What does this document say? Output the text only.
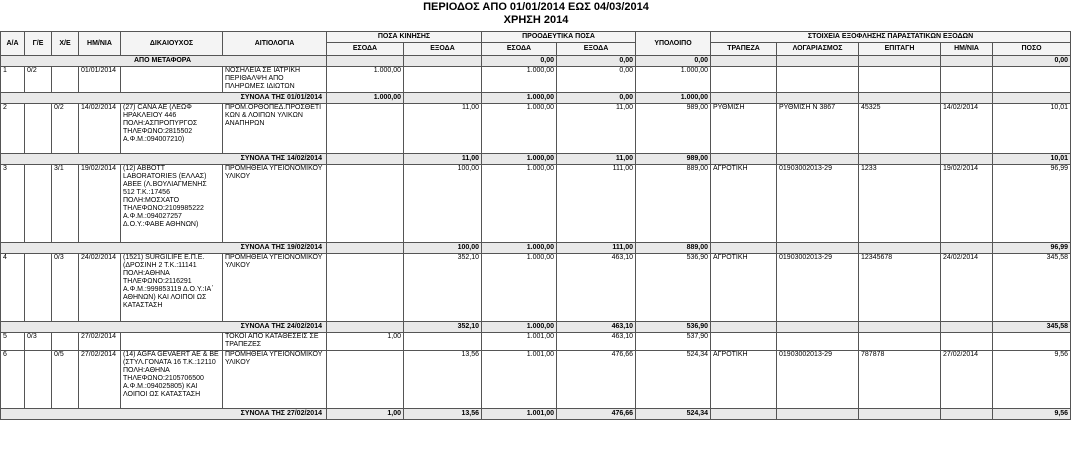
ΠΕΡΙΟΔΟΣ ΑΠΟ 01/01/2014 ΕΩΣ 04/03/2014
ΧΡΗΣΗ 2014
Α/Α	Γ/Ε	Χ/Ε	ΗΜ/ΝΙΑ	ΔΙΚΑΙΟΥΧΟΣ	ΑΙΤΙΟΛΟΓΙΑ	ΠΟΣΑ ΚΙΝΗΣΗΣ		ΠΡΟΟΔΕΥΤΙΚΑ ΠΟΣΑ		ΥΠΟΛΟΙΠΟ	ΣΤΟΙΧΕΙΑ ΕΞΟΦΛΗΣΗΣ ΠΑΡΑΣΤΑΤΙΚΩΝ ΕΞΟΔΩΝ				
						ΕΣΟΔΑ	ΕΞΟΔΑ	ΕΣΟΔΑ	ΕΞΟΔΑ		ΤΡΑΠΕΖΑ	ΛΟΓΑΡΙΑΣΜΟΣ	ΕΠΙΤΑΓΗ	ΗΜ/ΝΙΑ	ΠΟΣΟ
ΑΠΟ ΜΕΤΑΦΟΡΑ								0,00	0,00	0,00					0,00
1	0/2		01/01/2014		ΝΟΣΗΛΕΙΑ ΣΕ ΙΑΤΡΙΚΗ ΠΕΡΙΘΑΛΨΗ ΑΠΟ ΠΛΗΡΩΜΕΣ ΙΔΙΩΤΩΝ	1.000,00		1.000,00	0,00	1.000,00					
ΣΥΝΟΛΑ ΤΗΣ 01/01/2014						1.000,00		1.000,00	0,00	1.000,00					
2		0/2	14/02/2014	(27) CANA AE (ΛΕΩΦ ΗΡΑΚΛΕΙΟΥ 446 ΠΟΛΗ:ΑΣΠΡΟΠΥΡΓΟΣ ΤΗΛΕΦΩΝΟ:2815502 Α.Φ.Μ.:094007210)	ΠΡΟΜ.ΟΡΘΟΠΕΔ.ΠΡΟΣΘΕΤΙ ΚΩΝ & ΛΟΙΠΩΝ ΥΛΙΚΩΝ ΑΝΑΠΗΡΩΝ		11,00	1.000,00	11,00	989,00	ΡΥΘΜΙΣΗ	ΡΥΘΜΙΣΗ Ν 3867	45325	14/02/2014	10,01
ΣΥΝΟΛΑ ΤΗΣ 14/02/2014							11,00	1.000,00	11,00	989,00					10,01
3		3/1	19/02/2014	(12) ABBOTT LABORATORIES (ΕΛΛΑΣ) ΑΒΕΕ (Λ.ΒΟΥΛΙΑΓΜΕΝΗΣ 512 Τ.Κ.:17456 ΠΟΛΗ:ΜΟΣΧΑΤΟ ΤΗΛΕΦΩΝΟ:2109985222 Α.Φ.Μ.:094027257 Δ.Ο.Υ.:ΦΑΒΕ ΑΘΗΝΩΝ)	ΠΡΟΜΗΘΕΙΑ ΥΓΕΙΟΝΟΜΙΚΟΥ ΥΛΙΚΟΥ		100,00	1.000,00	111,00	889,00	ΑΓΡΟΤΙΚΗ	01903002013-29	1233	19/02/2014	96,99
ΣΥΝΟΛΑ ΤΗΣ 19/02/2014							100,00	1.000,00	111,00	889,00					96,99
4		0/3	24/02/2014	(1521) SURGILIFE Ε.Π.Ε. (ΔΡΟΣΙΝΗ 2 Τ.Κ.:11141 ΠΟΛΗ:ΑΘΗΝΑ ΤΗΛΕΦΩΝΟ:2116291 Α.Φ.Μ.:999853119 Δ.Ο.Υ.:ΙΑ΄ ΑΘΗΝΩΝ) ΚΑΙ ΛΟΙΠΟΙ ΩΣ ΚΑΤΑΣΤΑΣΗ	ΠΡΟΜΗΘΕΙΑ ΥΓΕΙΟΝΟΜΙΚΟΥ ΥΛΙΚΟΥ		352,10	1.000,00	463,10	536,90	ΑΓΡΟΤΙΚΗ	01903002013-29	12345678	24/02/2014	345,58
ΣΥΝΟΛΑ ΤΗΣ 24/02/2014							352,10	1.000,00	463,10	536,90					345,58
5	0/3		27/02/2014		ΤΟΚΟΙ ΑΠΟ ΚΑΤΑΘΕΣΕΙΣ ΣΕ ΤΡΑΠΕΖΕΣ	1,00		1.001,00	463,10	537,90					
6		0/5	27/02/2014	(14) AGFA GEVAERT AE & BE (ΣΤΥΛ.ΓΟΝΑΤΑ 16 Τ.Κ.:12110 ΠΟΛΗ:ΑΘΗΝΑ ΤΗΛΕΦΩΝΟ:2105706500 Α.Φ.Μ.:094025805) ΚΑΙ ΛΟΙΠΟΙ ΩΣ ΚΑΤΑΣΤΑΣΗ	ΠΡΟΜΗΘΕΙΑ ΥΓΕΙΟΝΟΜΙΚΟΥ ΥΛΙΚΟΥ		13,56	1.001,00	476,66	524,34	ΑΓΡΟΤΙΚΗ	01903002013-29	787878	27/02/2014	9,56
ΣΥΝΟΛΑ ΤΗΣ 27/02/2014						1,00	13,56	1.001,00	476,66	524,34					9,56
